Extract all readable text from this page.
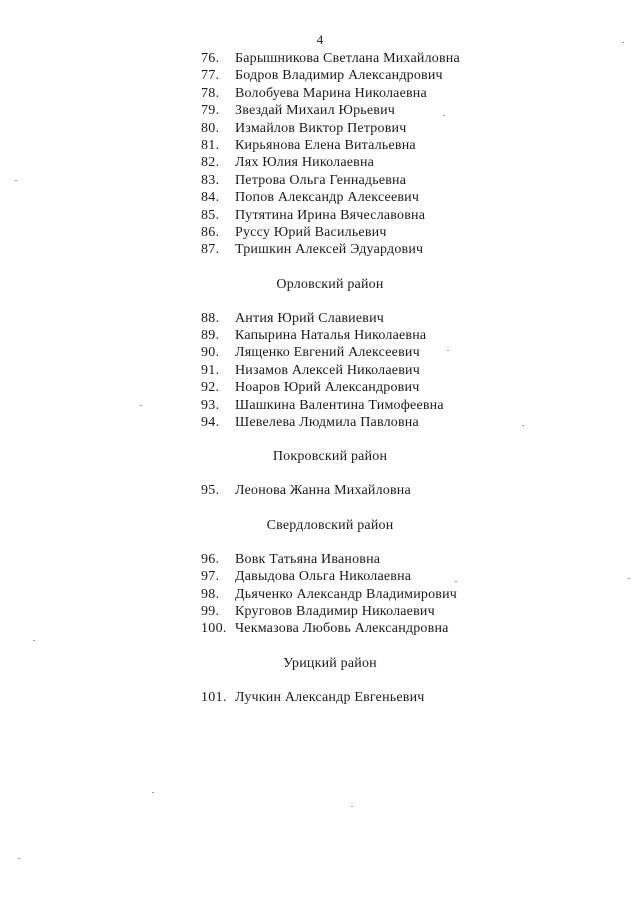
4
76.	Барышникова Светлана Михайловна
77.	Бодров Владимир Александрович
78.	Волобуева Марина Николаевна
79.	Звездай Михаил Юрьевич
80.	Измайлов Виктор Петрович
81.	Кирьянова Елена Витальевна
82.	Лях Юлия Николаевна
83.	Петрова Ольга Геннадьевна
84.	Попов Александр Алексеевич
85.	Путятина Ирина Вячеславовна
86.	Руссу Юрий Васильевич
87.	Тришкин Алексей Эдуардович
Орловский район
88.	Антия Юрий Славиевич
89.	Капырина Наталья Николаевна
90.	Лященко Евгений Алексеевич
91.	Низамов Алексей Николаевич
92.	Ноаров Юрий Александрович
93.	Шашкина Валентина Тимофеевна
94.	Шевелева Людмила Павловна
Покровский район
95.	Леонова Жанна Михайловна
Свердловский район
96.	Вовк Татьяна Ивановна
97.	Давыдова Ольга Николаевна
98.	Дьяченко Александр Владимирович
99.	Круговов Владимир Николаевич
100. Чекмазова Любовь Александровна
Урицкий район
101. Лучкин Александр Евгеньевич
